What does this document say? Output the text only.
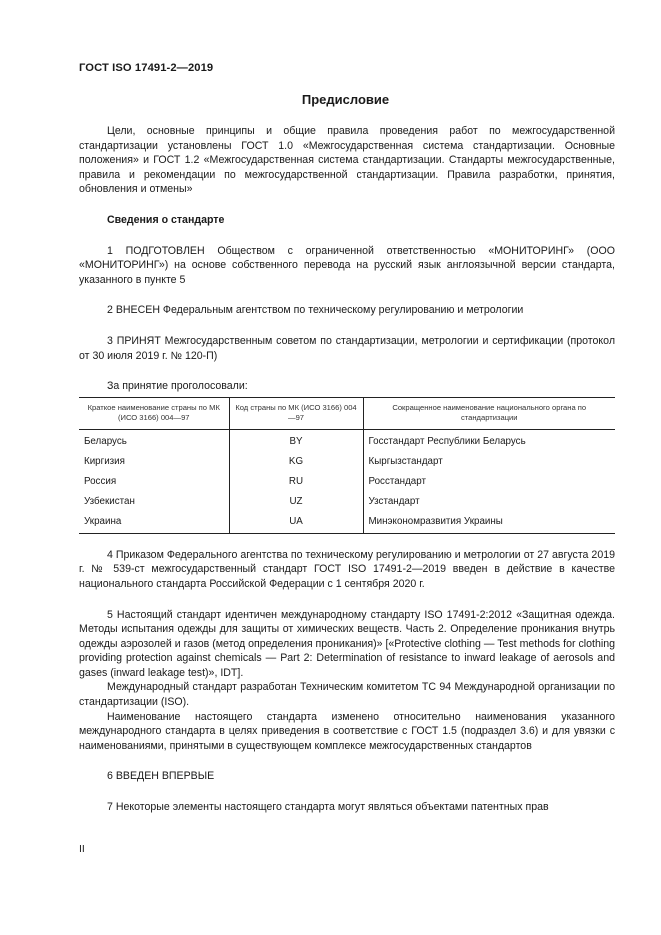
ГОСТ ISO 17491-2—2019
Предисловие

Цели, основные принципы и общие правила проведения работ по межгосударственной стандартизации установлены ГОСТ 1.0 «Межгосударственная система стандартизации. Основные положения» и ГОСТ 1.2 «Межгосударственная система стандартизации. Стандарты межгосударственные, правила и рекомендации по межгосударственной стандартизации. Правила разработки, принятия, обновления и отмены»

Сведения о стандарте

1 ПОДГОТОВЛЕН Обществом с ограниченной ответственностью «МОНИТОРИНГ» (ООО «МОНИТОРИНГ») на основе собственного перевода на русский язык англоязычной версии стандарта, указанного в пункте 5

2 ВНЕСЕН Федеральным агентством по техническому регулированию и метрологии

3 ПРИНЯТ Межгосударственным советом по стандартизации, метрологии и сертификации (протокол от 30 июля 2019 г. № 120-П)

За принятие проголосовали:

Краткое наименование страны по МК (ИСО 3166) 004—97	Код страны по МК (ИСО 3166) 004—97	Сокращенное наименование национального органа по стандартизации
Беларусь	BY	Госстандарт Республики Беларусь
Киргизия	KG	Кыргызстандарт
Россия	RU	Росстандарт
Узбекистан	UZ	Узстандарт
Украина	UA	Минэкономразвития Украины

4 Приказом Федерального агентства по техническому регулированию и метрологии от 27 августа 2019 г. № 539-ст межгосударственный стандарт ГОСТ ISO 17491-2—2019 введен в действие в качестве национального стандарта Российской Федерации с 1 сентября 2020 г.

5 Настоящий стандарт идентичен международному стандарту ISO 17491-2:2012 «Защитная одежда. Методы испытания одежды для защиты от химических веществ. Часть 2. Определение проникания внутрь одежды аэрозолей и газов (метод определения проникания)» [«Protective clothing — Test methods for clothing providing protection against chemicals — Part 2: Determination of resistance to inward leakage of aerosols and gases (inward leakage test)», IDT].

Международный стандарт разработан Техническим комитетом ТС 94 Международной организации по стандартизации (ISO).

Наименование настоящего стандарта изменено относительно наименования указанного международного стандарта в целях приведения в соответствие с ГОСТ 1.5 (подраздел 3.6) и для увязки с наименованиями, принятыми в существующем комплексе межгосударственных стандартов

6 ВВЕДЕН ВПЕРВЫЕ

7 Некоторые элементы настоящего стандарта могут являться объектами патентных прав

II
